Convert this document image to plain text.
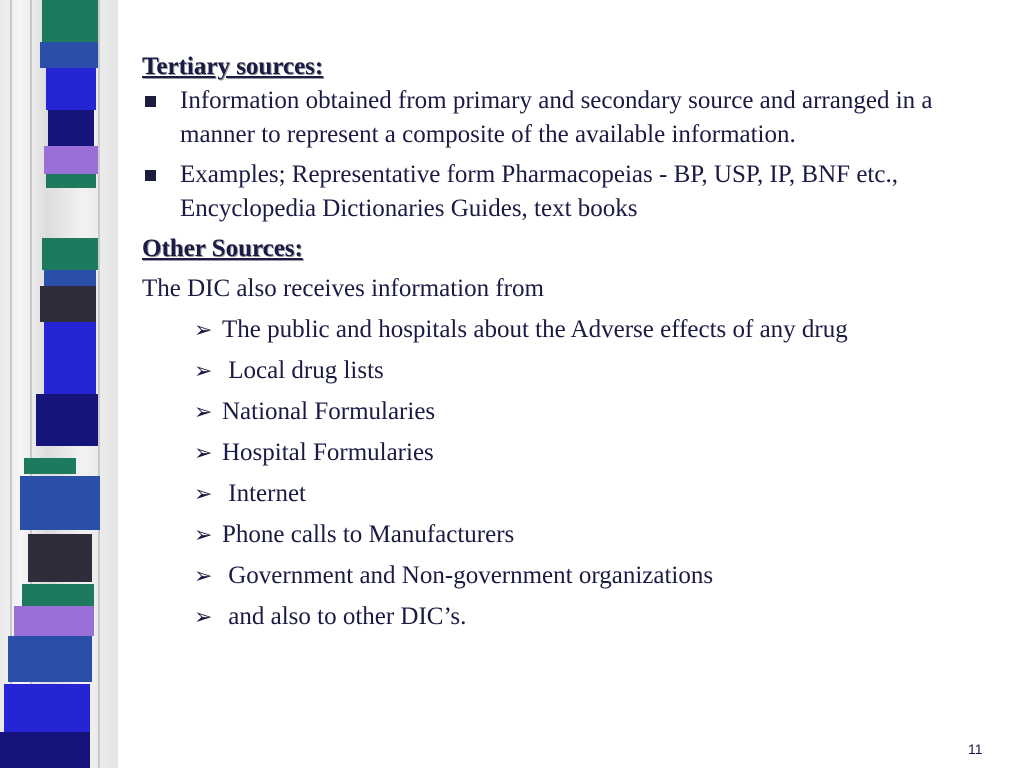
Tertiary sources:
Information obtained from primary and secondary source and arranged in a manner to represent a composite of the available information.
Examples; Representative form Pharmacopeias - BP, USP, IP, BNF etc., Encyclopedia Dictionaries Guides, text books
Other Sources:
The DIC also receives information from
➢ The public and hospitals about the Adverse effects of any drug
➢ Local drug lists
➢ National Formularies
➢ Hospital Formularies
➢ Internet
➢ Phone calls to Manufacturers
➢ Government and Non-government organizations
➢ and also to other DIC’s.
11
